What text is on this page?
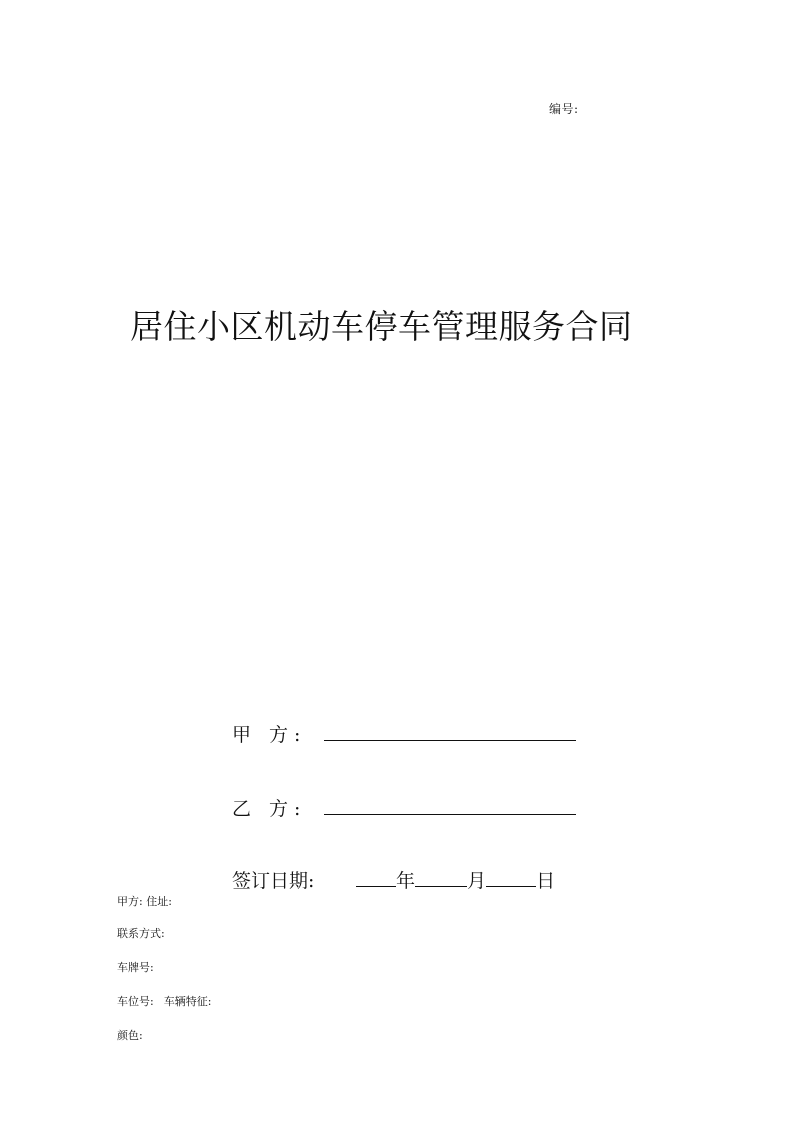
编号:
居住小区机动车停车管理服务合同
甲 方:
乙 方:
签订日期:	年	月	日
甲方: 住址:
联系方式:
车牌号:
车位号: 车辆特征:
颜色:
